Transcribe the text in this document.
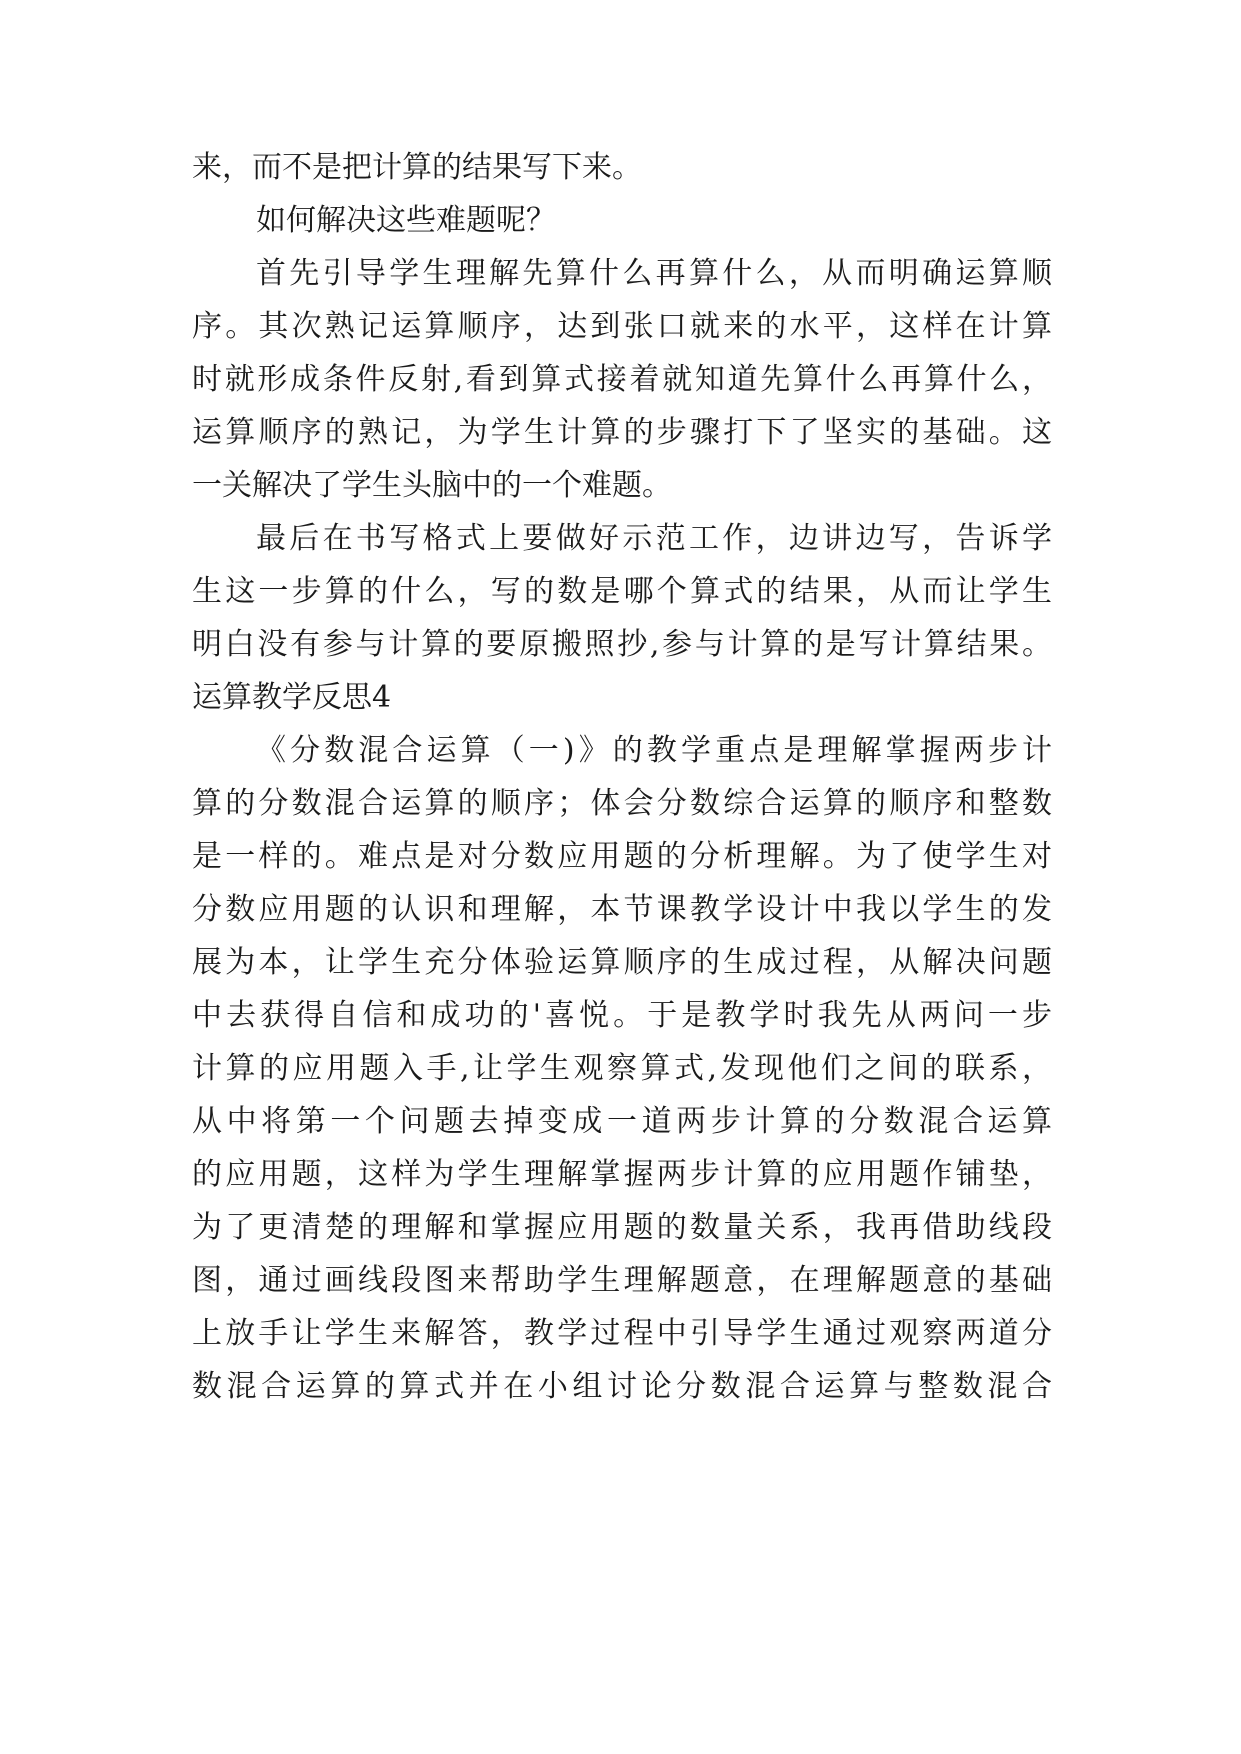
来，而不是把计算的结果写下来。
如何解决这些难题呢？
首先引导学生理解先算什么再算什么，从而明确运算顺
序。其次熟记运算顺序，达到张口就来的水平，这样在计算
时就形成条件反射,看到算式接着就知道先算什么再算什么，
运算顺序的熟记，为学生计算的步骤打下了坚实的基础。这
一关解决了学生头脑中的一个难题。
最后在书写格式上要做好示范工作，边讲边写，告诉学
生这一步算的什么，写的数是哪个算式的结果，从而让学生
明白没有参与计算的要原搬照抄,参与计算的是写计算结果。
运算教学反思4
《分数混合运算（一)》的教学重点是理解掌握两步计
算的分数混合运算的顺序；体会分数综合运算的顺序和整数
是一样的。难点是对分数应用题的分析理解。为了使学生对
分数应用题的认识和理解，本节课教学设计中我以学生的发
展为本，让学生充分体验运算顺序的生成过程，从解决问题
中去获得自信和成功的'喜悦。于是教学时我先从两问一步
计算的应用题入手,让学生观察算式,发现他们之间的联系，
从中将第一个问题去掉变成一道两步计算的分数混合运算
的应用题，这样为学生理解掌握两步计算的应用题作铺垫，
为了更清楚的理解和掌握应用题的数量关系，我再借助线段
图，通过画线段图来帮助学生理解题意，在理解题意的基础
上放手让学生来解答，教学过程中引导学生通过观察两道分
数混合运算的算式并在小组讨论分数混合运算与整数混合
